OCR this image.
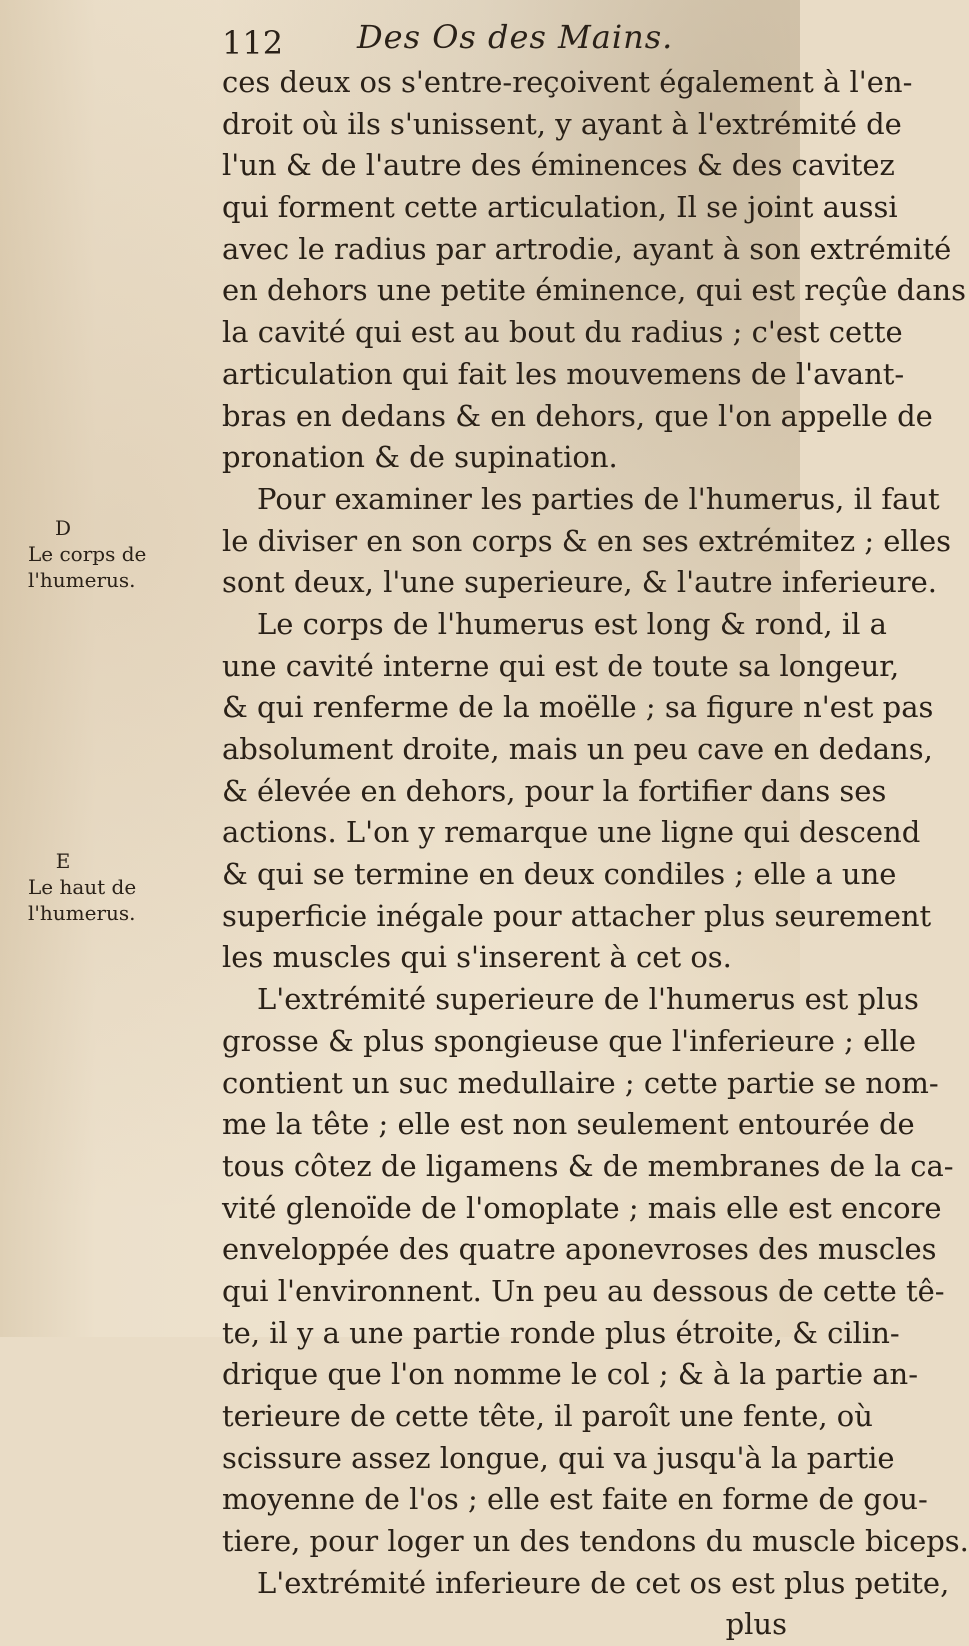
112 Des Os des Mains.
D
Le corps de l'humerus.
E
Le haut de l'humerus.
ces deux os s'entre-reçoivent également à l'en-
droit où ils s'unissent, y ayant à l'extrémité de
l'un & de l'autre des éminences & des cavitez
qui forment cette articulation, Il se joint aussi
avec le radius par artrodie, ayant à son extrémité
en dehors une petite éminence, qui est reçûe dans
la cavité qui est au bout du radius ; c'est cette
articulation qui fait les mouvemens de l'avant-
bras en dedans & en dehors, que l'on appelle de
pronation & de supination.
Pour examiner les parties de l'humerus, il faut
le diviser en son corps & en ses extrémitez ; elles
sont deux, l'une superieure, & l'autre inferieure.
Le corps de l'humerus est long & rond, il a
une cavité interne qui est de toute sa longeur,
& qui renferme de la moëlle ; sa figure n'est pas
absolument droite, mais un peu cave en dedans,
& élevée en dehors, pour la fortifier dans ses
actions. L'on y remarque une ligne qui descend
& qui se termine en deux condiles ; elle a une
superficie inégale pour attacher plus seurement
les muscles qui s'inserent à cet os.
L'extrémité superieure de l'humerus est plus
grosse & plus spongieuse que l'inferieure ; elle
contient un suc medullaire ; cette partie se nom-
me la tête ; elle est non seulement entourée de
tous côtez de ligamens & de membranes de la ca-
vité glenoïde de l'omoplate ; mais elle est encore
enveloppée des quatre aponevroses des muscles
qui l'environnent. Un peu au dessous de cette tê-
te, il y a une partie ronde plus étroite, & cilin-
drique que l'on nomme le col ; & à la partie an-
terieure de cette tête, il paroît une fente, où
scissure assez longue, qui va jusqu'à la partie
moyenne de l'os ; elle est faite en forme de gou-
tiere, pour loger un des tendons du muscle biceps.
L'extrémité inferieure de cet os est plus petite,
plus
